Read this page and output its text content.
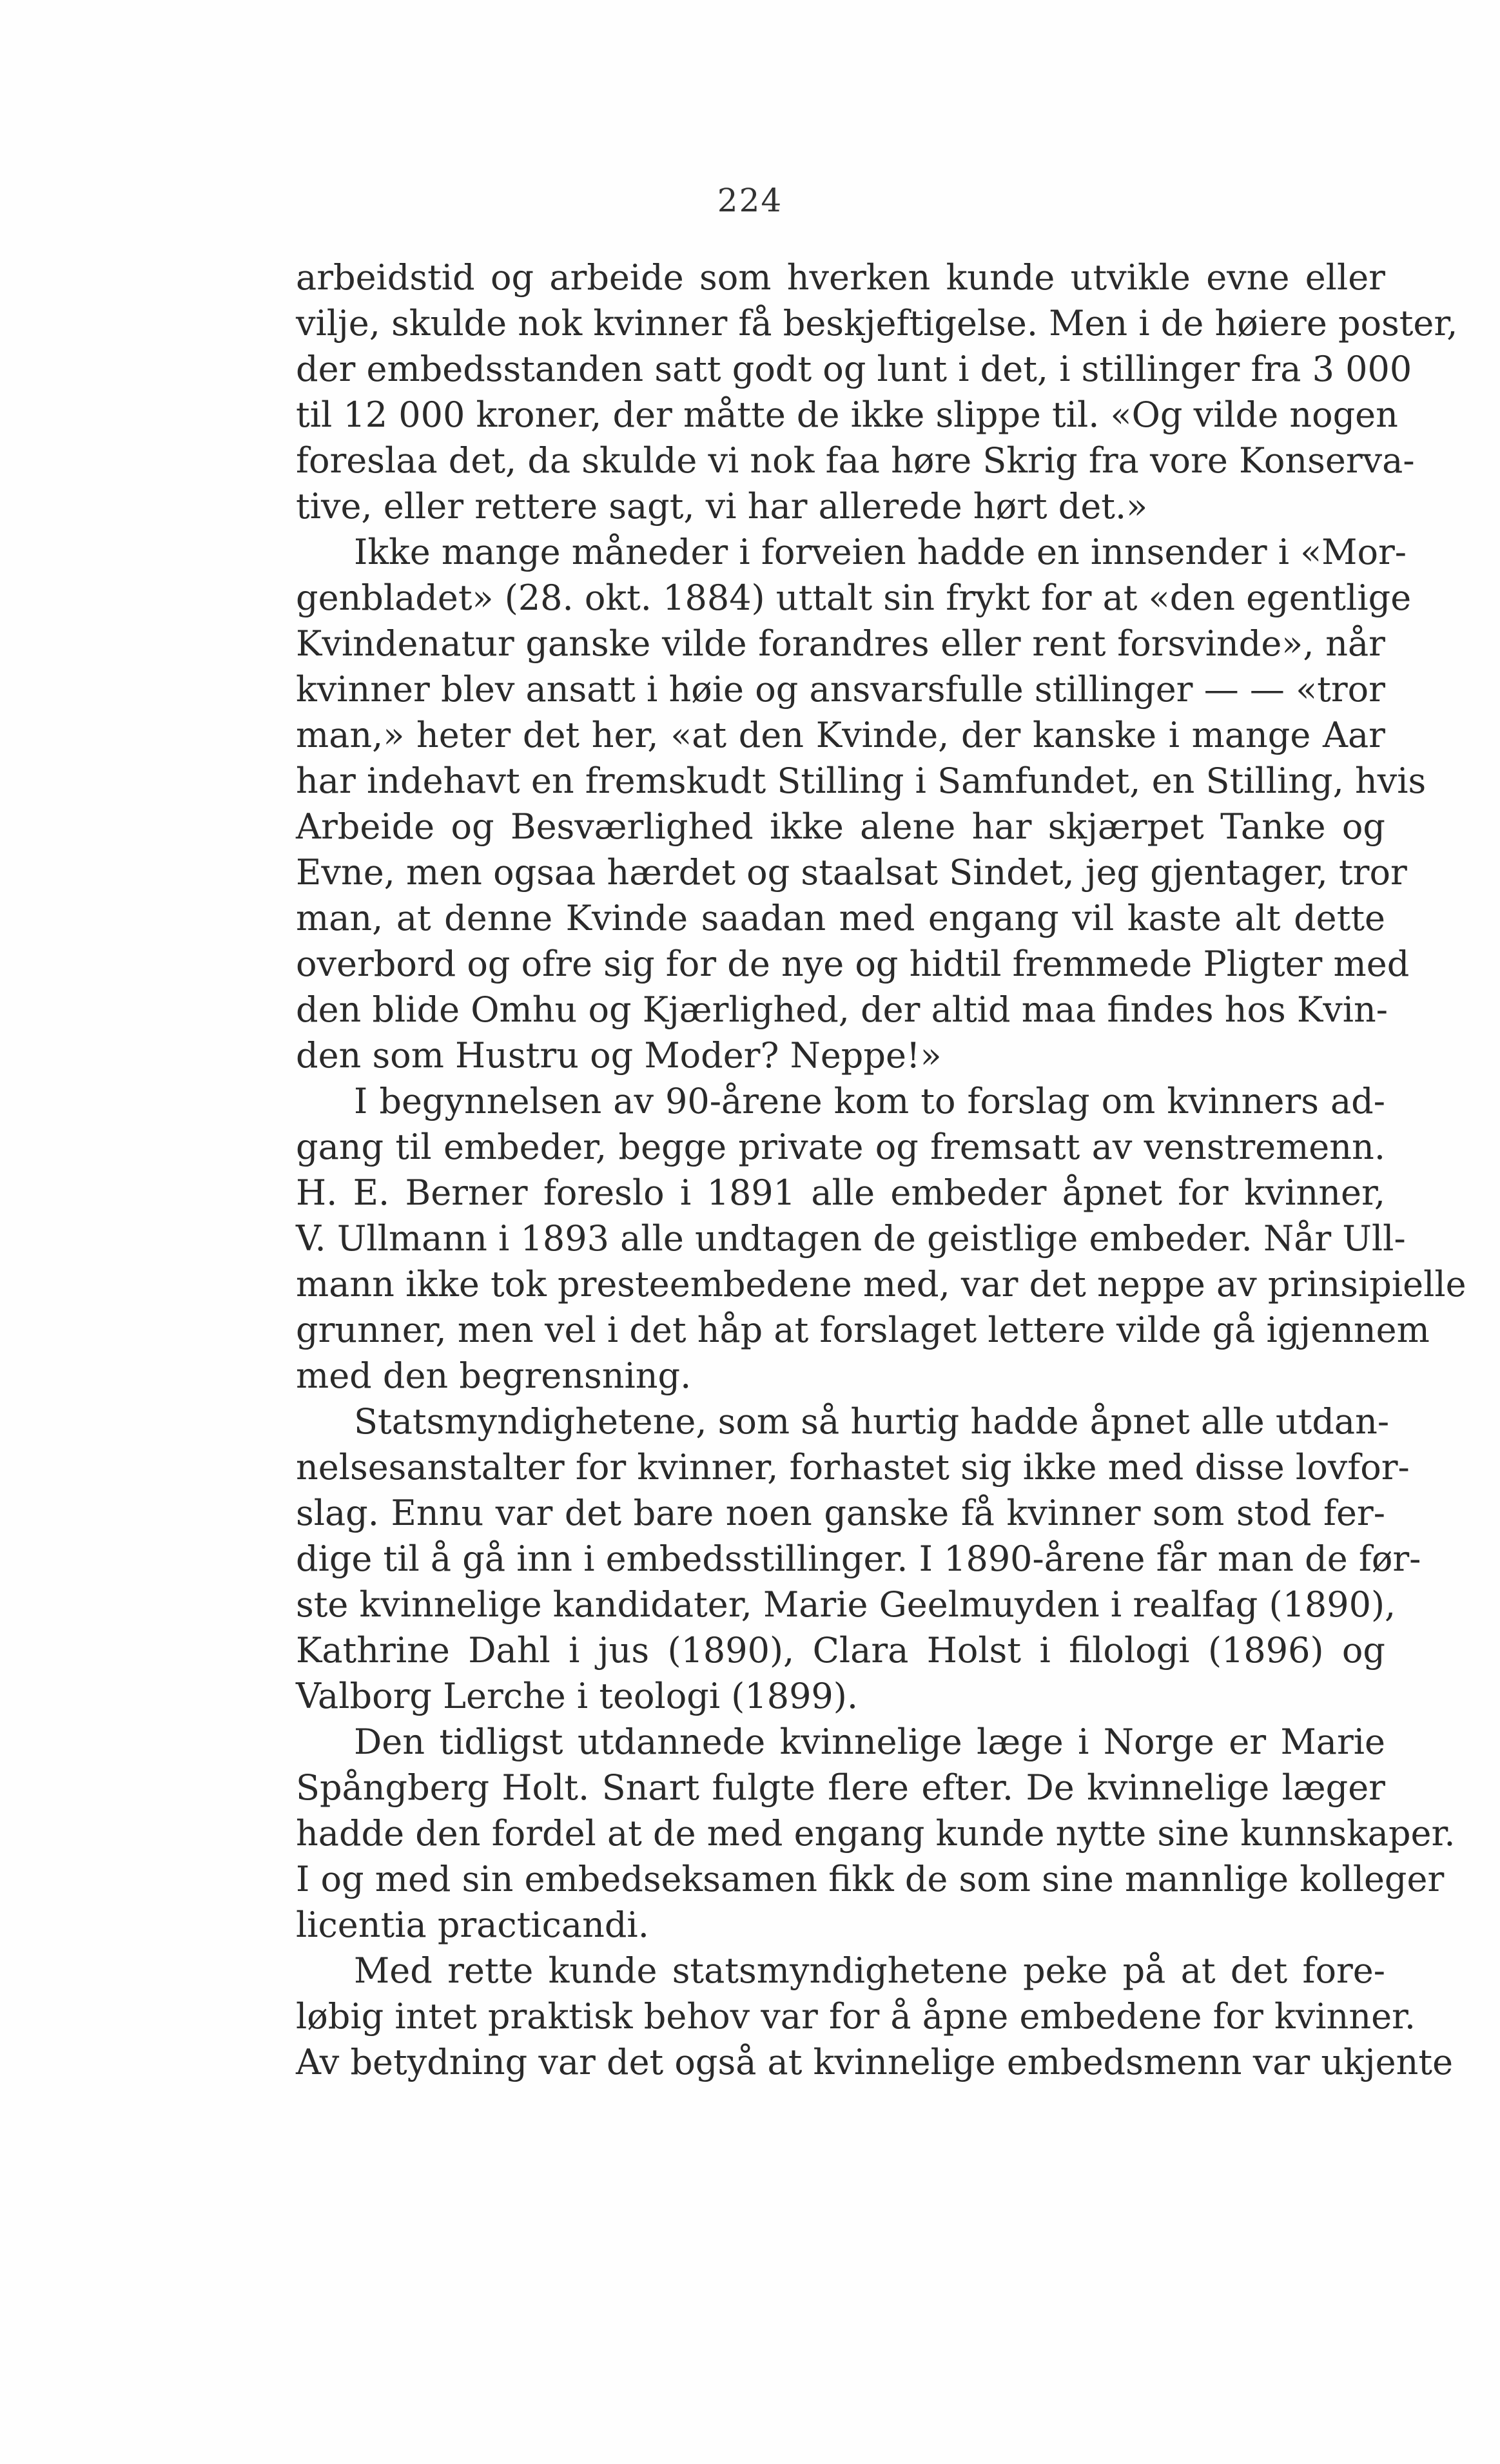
224
arbeidstid og arbeide som hverken kunde utvikle evne eller
vilje, skulde nok kvinner få beskjeftigelse. Men i de høiere poster,
der embedsstanden satt godt og lunt i det, i stillinger fra 3 000
til 12 000 kroner, der måtte de ikke slippe til. «Og vilde nogen
foreslaa det, da skulde vi nok faa høre Skrig fra vore Konserva-
tive, eller rettere sagt, vi har allerede hørt det.»
Ikke mange måneder i forveien hadde en innsender i «Mor-
genbladet» (28. okt. 1884) uttalt sin frykt for at «den egentlige
Kvindenatur ganske vilde forandres eller rent forsvinde», når
kvinner blev ansatt i høie og ansvarsfulle stillinger — — «tror
man,» heter det her, «at den Kvinde, der kanske i mange Aar
har indehavt en fremskudt Stilling i Samfundet, en Stilling, hvis
Arbeide og Besværlighed ikke alene har skjærpet Tanke og
Evne, men ogsaa hærdet og staalsat Sindet, jeg gjentager, tror
man, at denne Kvinde saadan med engang vil kaste alt dette
overbord og ofre sig for de nye og hidtil fremmede Pligter med
den blide Omhu og Kjærlighed, der altid maa findes hos Kvin-
den som Hustru og Moder? Neppe!»
I begynnelsen av 90-årene kom to forslag om kvinners ad-
gang til embeder, begge private og fremsatt av venstremenn.
H. E. Berner foreslo i 1891 alle embeder åpnet for kvinner,
V. Ullmann i 1893 alle undtagen de geistlige embeder. Når Ull-
mann ikke tok presteembedene med, var det neppe av prinsipielle
grunner, men vel i det håp at forslaget lettere vilde gå igjennem
med den begrensning.
Statsmyndighetene, som så hurtig hadde åpnet alle utdan-
nelsesanstalter for kvinner, forhastet sig ikke med disse lovfor-
slag. Ennu var det bare noen ganske få kvinner som stod fer-
dige til å gå inn i embedsstillinger. I 1890-årene får man de før-
ste kvinnelige kandidater, Marie Geelmuyden i realfag (1890),
Kathrine Dahl i jus (1890), Clara Holst i filologi (1896) og
Valborg Lerche i teologi (1899).
Den tidligst utdannede kvinnelige læge i Norge er Marie
Spångberg Holt. Snart fulgte flere efter. De kvinnelige læger
hadde den fordel at de med engang kunde nytte sine kunnskaper.
I og med sin embedseksamen fikk de som sine mannlige kolleger
licentia practicandi.
Med rette kunde statsmyndighetene peke på at det fore-
løbig intet praktisk behov var for å åpne embedene for kvinner.
Av betydning var det også at kvinnelige embedsmenn var ukjente
